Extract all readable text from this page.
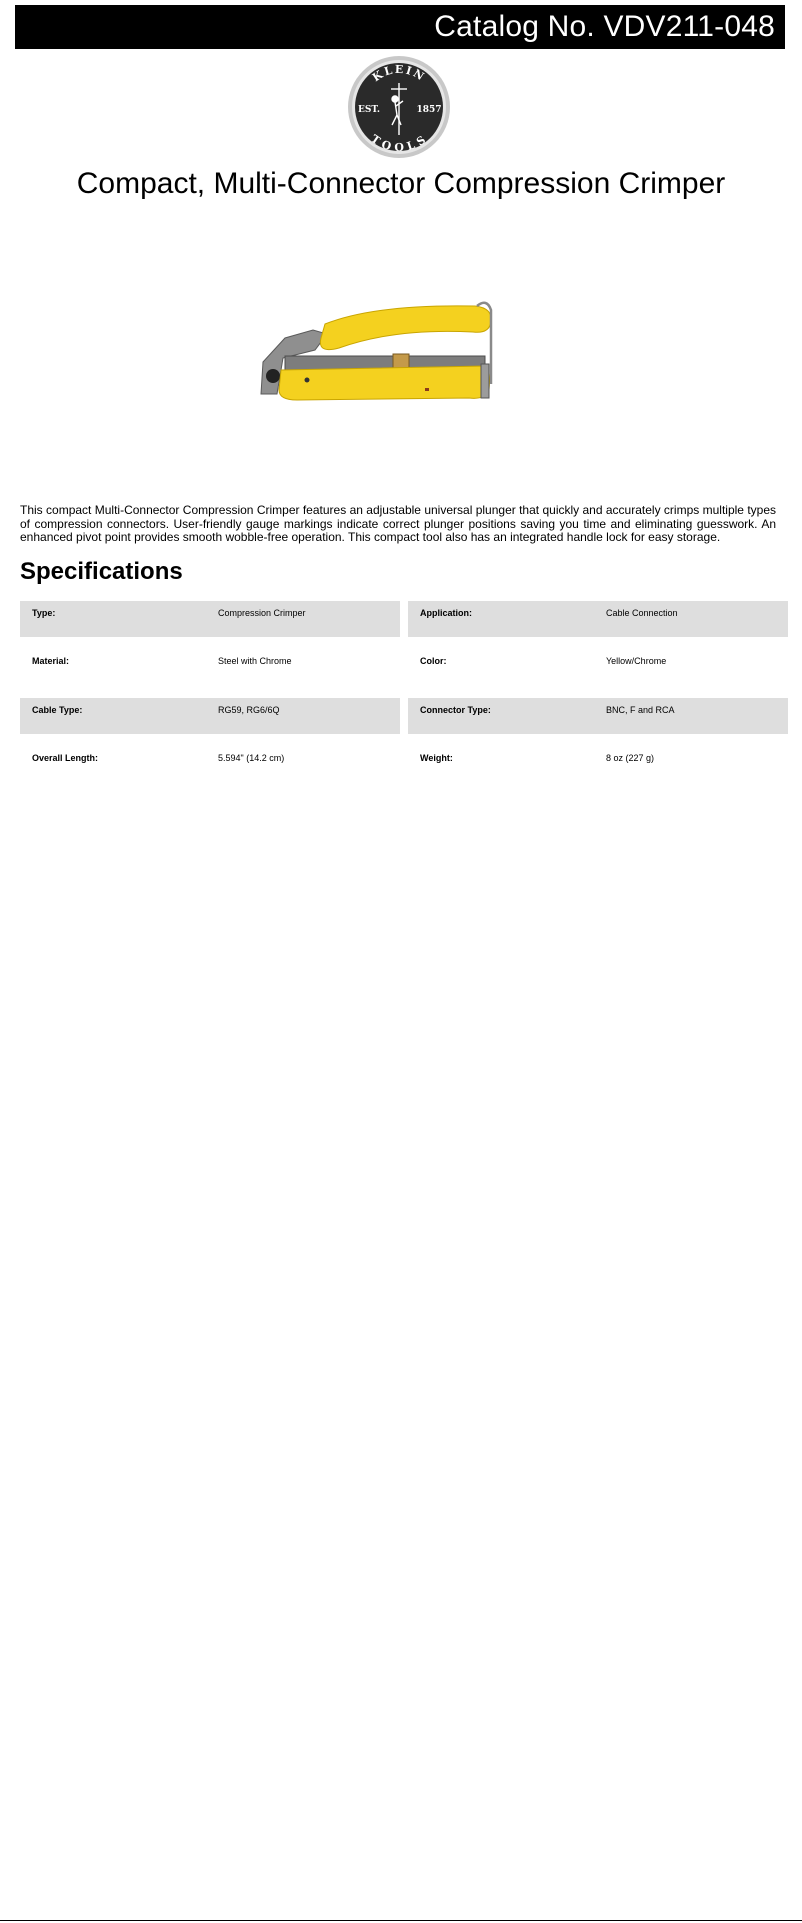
Catalog No. VDV211-048
KLEIN
TOOLS
EST.	1857
Compact, Multi-Connector Compression Crimper
This compact Multi-Connector Compression Crimper features an adjustable universal plunger that quickly and accurately crimps multiple types of compression connectors. User-friendly gauge markings indicate correct plunger positions saving you time and eliminating guesswork. An enhanced pivot point provides smooth wobble-free operation. This compact tool also has an integrated handle lock for easy storage.
Specifications
Type:	Compression Crimper	Application:	Cable Connection
Material:	Steel with Chrome	Color:	Yellow/Chrome
Cable Type:	RG59, RG6/6Q	Connector Type:	BNC, F and RCA
Overall Length:	5.594" (14.2 cm)	Weight:	8 oz (227 g)
